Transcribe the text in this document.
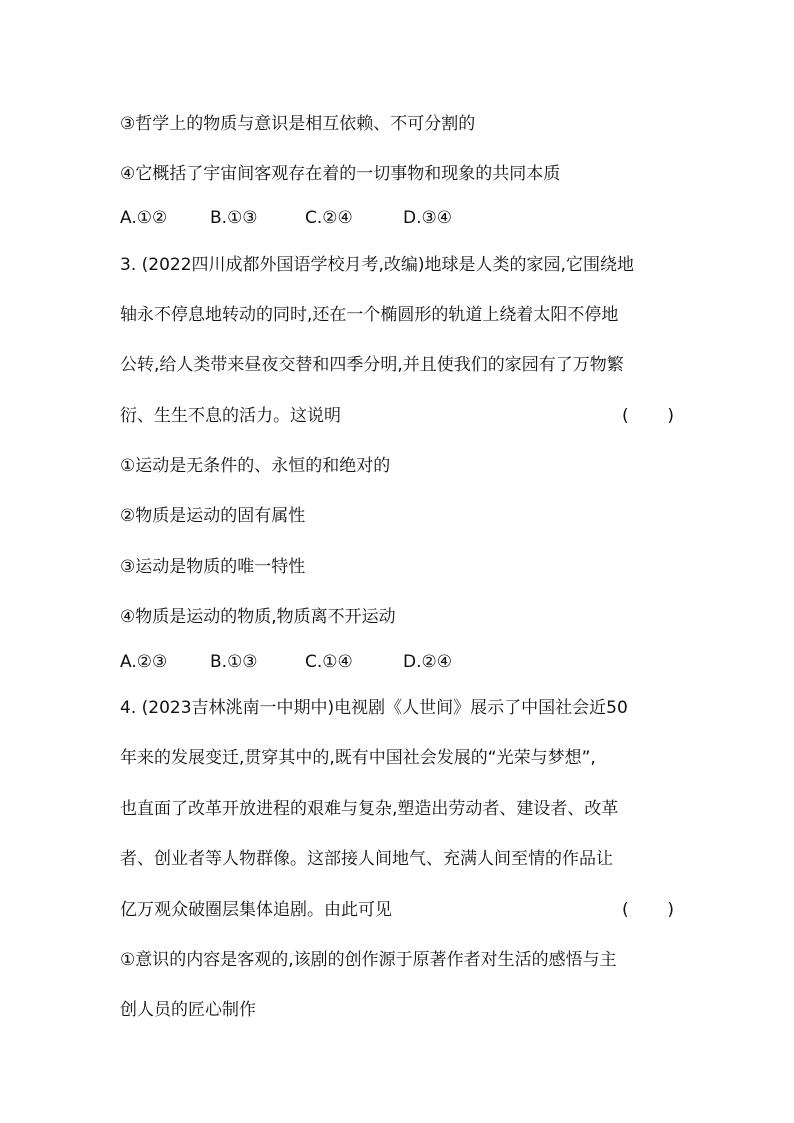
③哲学上的物质与意识是相互依赖、不可分割的
④它概括了宇宙间客观存在着的一切事物和现象的共同本质
A.①②	B.①③	C.②④	D.③④
3. (2022四川成都外国语学校月考,改编)地球是人类的家园,它围绕地
轴永不停息地转动的同时,还在一个椭圆形的轨道上绕着太阳不停地
公转,给人类带来昼夜交替和四季分明,并且使我们的家园有了万物繁
衍、生生不息的活力。这说明	( )
①运动是无条件的、永恒的和绝对的
②物质是运动的固有属性
③运动是物质的唯一特性
④物质是运动的物质,物质离不开运动
A.②③	B.①③	C.①④	D.②④
4. (2023吉林洮南一中期中)电视剧《人世间》展示了中国社会近50
年来的发展变迁,贯穿其中的,既有中国社会发展的“光荣与梦想”,
也直面了改革开放进程的艰难与复杂,塑造出劳动者、建设者、改革
者、创业者等人物群像。这部接人间地气、充满人间至情的作品让
亿万观众破圈层集体追剧。由此可见	( )
①意识的内容是客观的,该剧的创作源于原著作者对生活的感悟与主
创人员的匠心制作
